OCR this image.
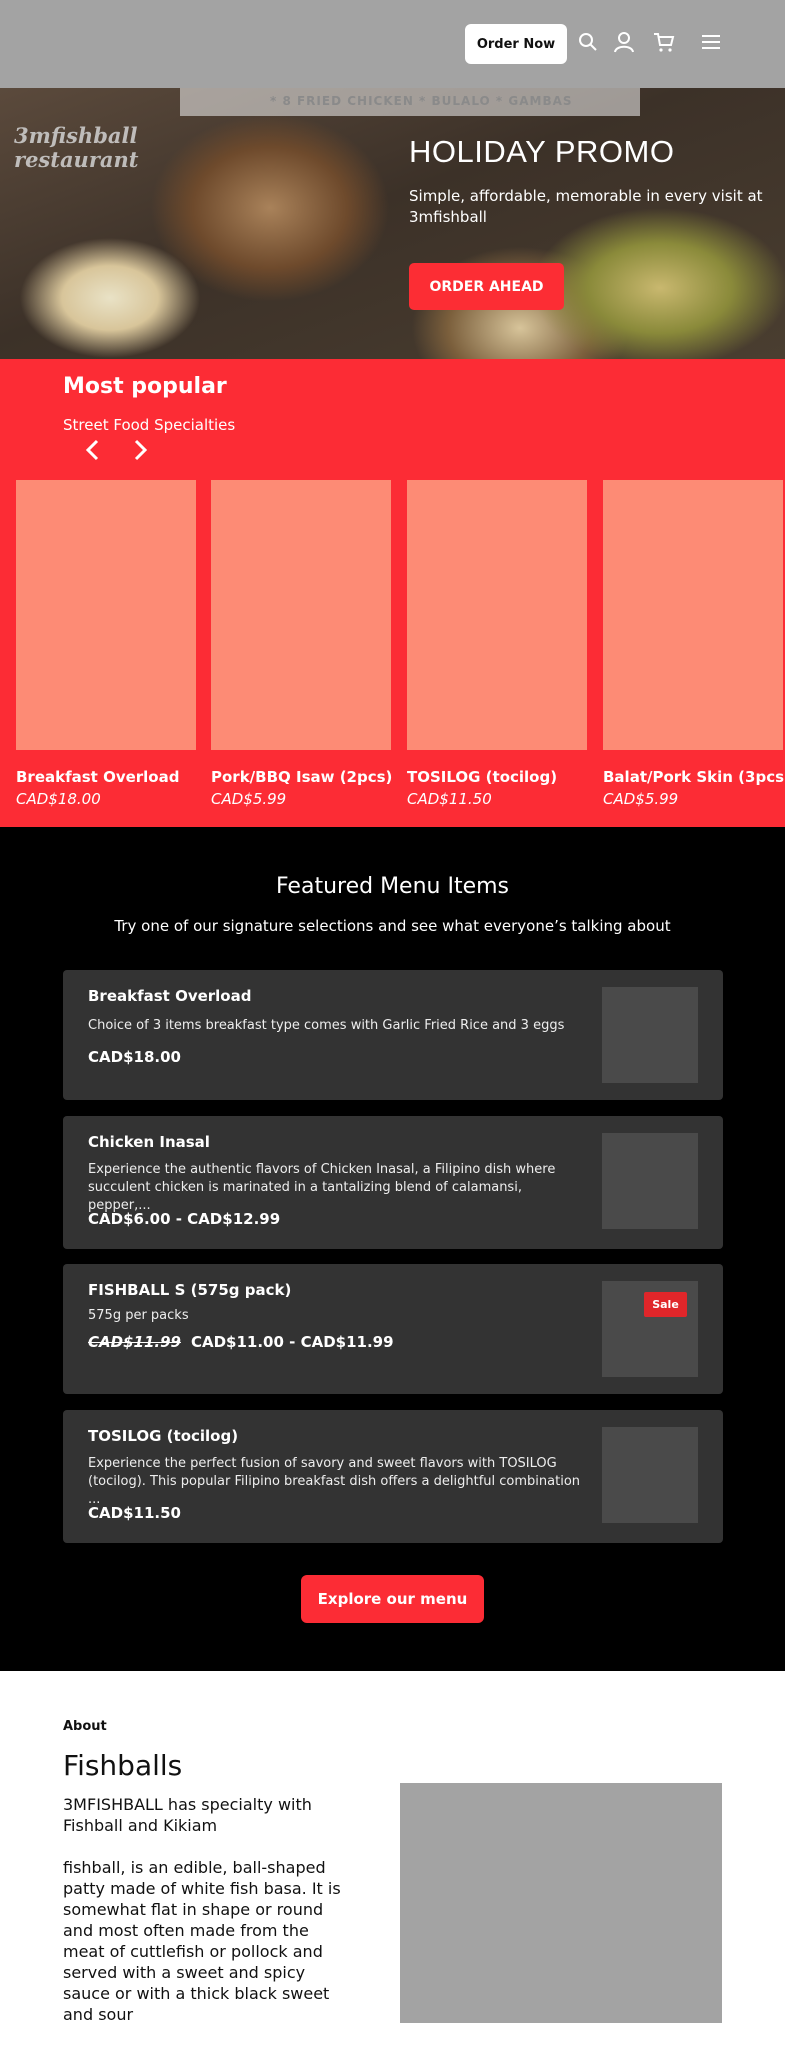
Order Now
* 8 FRIED CHICKEN * BULALO * GAMBAS
3mfishball
restaurant	HOLIDAY PROMO
Simple, affordable, memorable in every visit at 3mfishball
ORDER AHEAD
Most popular
Street Food Specialties
Breakfast Overload
CAD$18.00
Pork/BBQ Isaw (2pcs)
CAD$5.99
TOSILOG (tocilog)
CAD$11.50
Balat/Pork Skin (3pcs)
CAD$5.99
Featured Menu Items
Try one of our signature selections and see what everyone’s talking about
Breakfast Overload
Choice of 3 items breakfast type comes with Garlic Fried Rice and 3 eggs
CAD$18.00
Chicken Inasal
Experience the authentic flavors of Chicken Inasal, a Filipino dish where succulent chicken is marinated in a tantalizing blend of calamansi, pepper,...
CAD$6.00 - CAD$12.99
FISHBALL S (575g pack)
575g per packs
CAD$11.99 CAD$11.00 - CAD$11.99
Sale
TOSILOG (tocilog)
Experience the perfect fusion of savory and sweet flavors with TOSILOG (tocilog). This popular Filipino breakfast dish offers a delightful combination ...
CAD$11.50
Explore our menu
About
Fishballs

3MFISHBALL has specialty with Fishball and Kikiam

fishball, is an edible, ball-shaped patty made of white fish basa. It is somewhat flat in shape or round and most often made from the meat of cuttlefish or pollock and served with a sweet and spicy sauce or with a thick black sweet and sour
